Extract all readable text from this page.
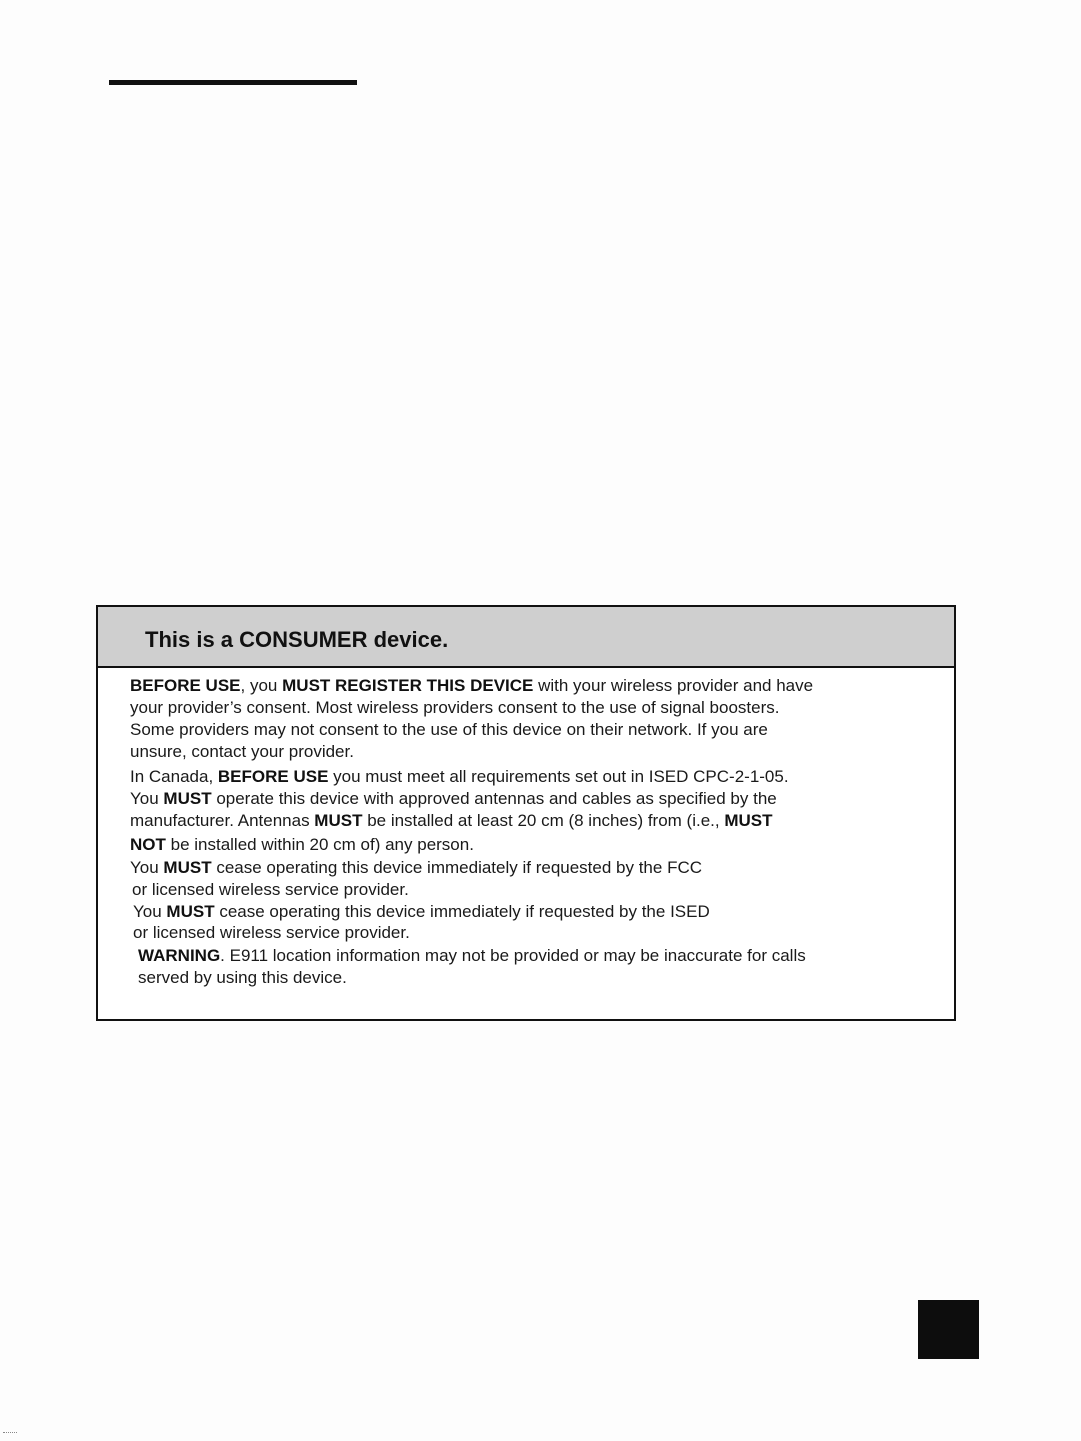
This is a CONSUMER device.
BEFORE USE, you MUST REGISTER THIS DEVICE with your wireless provider and have
your provider’s consent. Most wireless providers consent to the use of signal boosters.
Some providers may not consent to the use of this device on their network. If you are
unsure, contact your provider.
In Canada, BEFORE USE you must meet all requirements set out in ISED CPC-2-1-05.
You MUST operate this device with approved antennas and cables as specified by the
manufacturer. Antennas MUST be installed at least 20 cm (8 inches) from (i.e., MUST
NOT be installed within 20 cm of) any person.
You MUST cease operating this device immediately if requested by the FCC
or licensed wireless service provider.
You MUST cease operating this device immediately if requested by the ISED
or licensed wireless service provider.
WARNING. E911 location information may not be provided or may be inaccurate for calls
served by using this device.
